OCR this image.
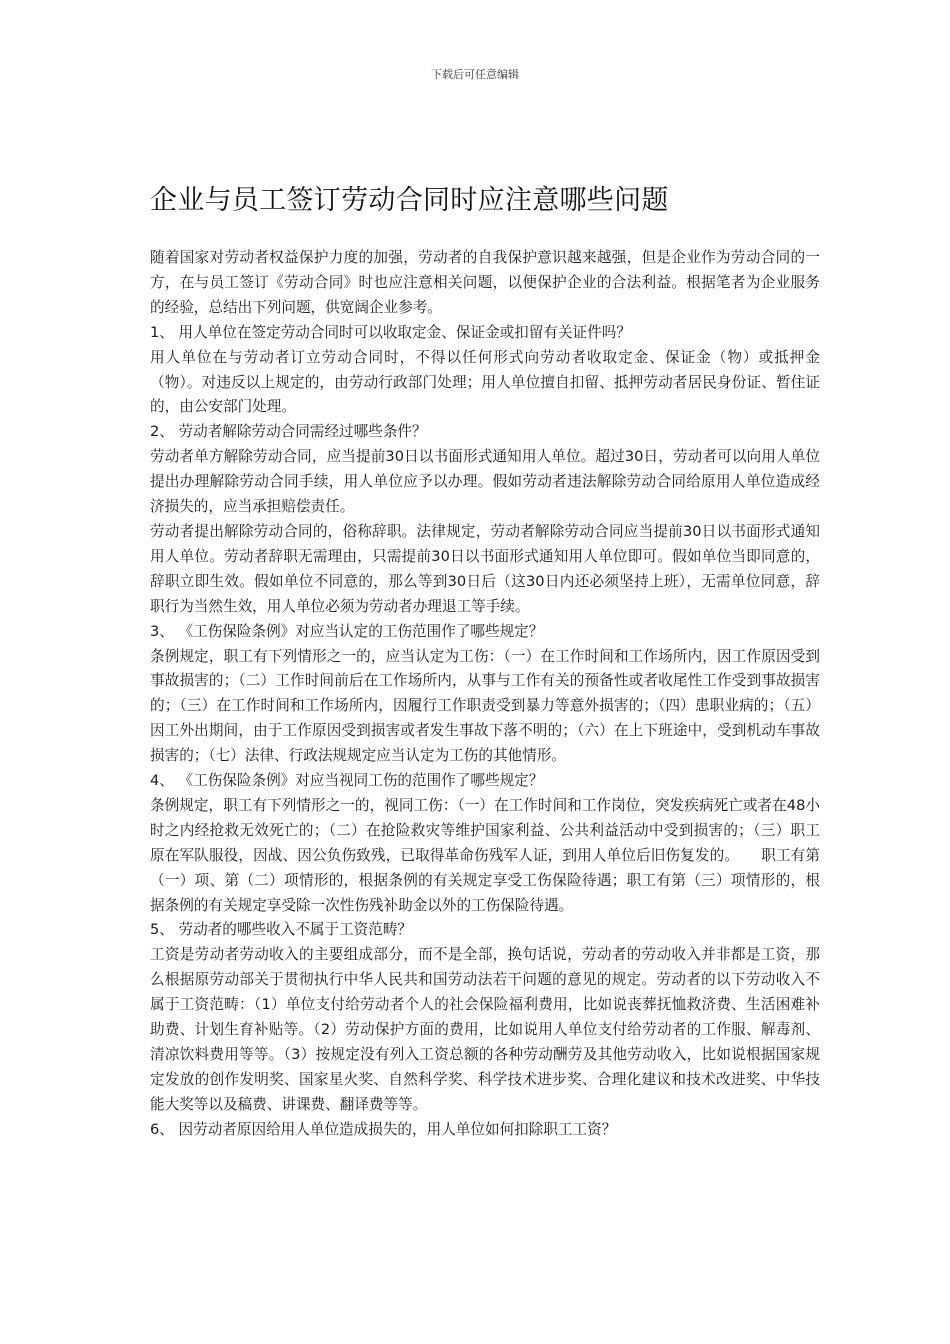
下载后可任意编辑
企业与员工签订劳动合同时应注意哪些问题

随着国家对劳动者权益保护力度的加强，劳动者的自我保护意识越来越强，但是企业作为劳动合同的一方，在与员工签订《劳动合同》时也应注意相关问题，以便保护企业的合法利益。根据笔者为企业服务的经验，总结出下列问题，供宽阔企业参考。

1、 用人单位在签定劳动合同时可以收取定金、保证金或扣留有关证件吗？

用人单位在与劳动者订立劳动合同时，不得以任何形式向劳动者收取定金、保证金（物）或抵押金（物）。对违反以上规定的，由劳动行政部门处理；用人单位擅自扣留、抵押劳动者居民身份证、暂住证的，由公安部门处理。

2、 劳动者解除劳动合同需经过哪些条件？

劳动者单方解除劳动合同，应当提前30日以书面形式通知用人单位。超过30日，劳动者可以向用人单位提出办理解除劳动合同手续，用人单位应予以办理。假如劳动者违法解除劳动合同给原用人单位造成经济损失的，应当承担赔偿责任。

劳动者提出解除劳动合同的，俗称辞职。法律规定，劳动者解除劳动合同应当提前30日以书面形式通知用人单位。劳动者辞职无需理由，只需提前30日以书面形式通知用人单位即可。假如单位当即同意的，辞职立即生效。假如单位不同意的，那么等到30日后（这30日内还必须坚持上班），无需单位同意，辞职行为当然生效，用人单位必须为劳动者办理退工等手续。

3、 《工伤保险条例》对应当认定的工伤范围作了哪些规定？

条例规定，职工有下列情形之一的，应当认定为工伤：（一）在工作时间和工作场所内，因工作原因受到事故损害的；（二）工作时间前后在工作场所内，从事与工作有关的预备性或者收尾性工作受到事故损害的；（三）在工作时间和工作场所内，因履行工作职责受到暴力等意外损害的；（四）患职业病的；（五）因工外出期间，由于工作原因受到损害或者发生事故下落不明的；（六）在上下班途中，受到机动车事故损害的；（七）法律、行政法规规定应当认定为工伤的其他情形。

4、 《工伤保险条例》对应当视同工伤的范围作了哪些规定？

条例规定，职工有下列情形之一的，视同工伤：（一）在工作时间和工作岗位，突发疾病死亡或者在48小时之内经抢救无效死亡的；（二）在抢险救灾等维护国家利益、公共利益活动中受到损害的；（三）职工原在军队服役，因战、因公负伤致残，已取得革命伤残军人证，到用人单位后旧伤复发的。　　职工有第（一）项、第（二）项情形的，根据条例的有关规定享受工伤保险待遇；职工有第（三）项情形的，根据条例的有关规定享受除一次性伤残补助金以外的工伤保险待遇。

5、 劳动者的哪些收入不属于工资范畴？

工资是劳动者劳动收入的主要组成部分，而不是全部，换句话说，劳动者的劳动收入并非都是工资，那么根据原劳动部关于贯彻执行中华人民共和国劳动法若干问题的意见的规定。劳动者的以下劳动收入不属于工资范畴：（1）单位支付给劳动者个人的社会保险福利费用，比如说丧葬抚恤救济费、生活困难补助费、计划生育补贴等。（2）劳动保护方面的费用，比如说用人单位支付给劳动者的工作服、解毒剂、清凉饮料费用等等。（3）按规定没有列入工资总额的各种劳动酬劳及其他劳动收入，比如说根据国家规定发放的创作发明奖、国家星火奖、自然科学奖、科学技术进步奖、合理化建议和技术改进奖、中华技能大奖等以及稿费、讲课费、翻译费等等。

6、 因劳动者原因给用人单位造成损失的，用人单位如何扣除职工工资？
